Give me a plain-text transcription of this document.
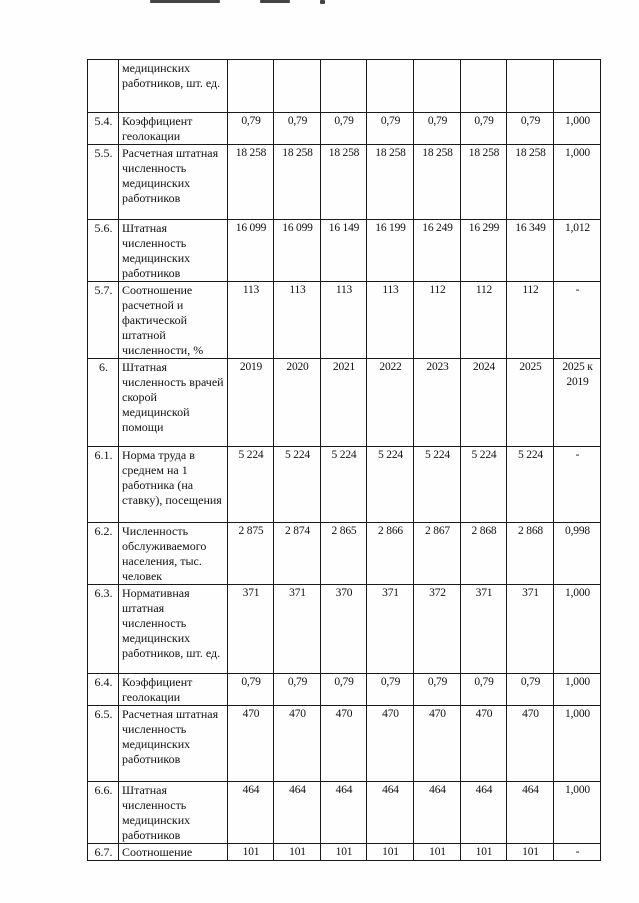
	медицинских работников, шт. ед.								
5.4.	Коэффициент геолокации	0,79	0,79	0,79	0,79	0,79	0,79	0,79	1,000
5.5.	Расчетная штатная численность медицинских работников	18 258	18 258	18 258	18 258	18 258	18 258	18 258	1,000
5.6.	Штатная численность медицинских работников	16 099	16 099	16 149	16 199	16 249	16 299	16 349	1,012
5.7.	Соотношение расчетной и фактической штатной численности, %	113	113	113	113	112	112	112	-
6.	Штатная численность врачей скорой медицинской помощи	2019	2020	2021	2022	2023	2024	2025	2025 к 2019
6.1.	Норма труда в среднем на 1 работника (на ставку), посещения	5 224	5 224	5 224	5 224	5 224	5 224	5 224	-
6.2.	Численность обслуживаемого населения, тыс. человек	2 875	2 874	2 865	2 866	2 867	2 868	2 868	0,998
6.3.	Нормативная штатная численность медицинских работников, шт. ед.	371	371	370	371	372	371	371	1,000
6.4.	Коэффициент геолокации	0,79	0,79	0,79	0,79	0,79	0,79	0,79	1,000
6.5.	Расчетная штатная численность медицинских работников	470	470	470	470	470	470	470	1,000
6.6.	Штатная численность медицинских работников	464	464	464	464	464	464	464	1,000
6.7.	Соотношение	101	101	101	101	101	101	101	-
